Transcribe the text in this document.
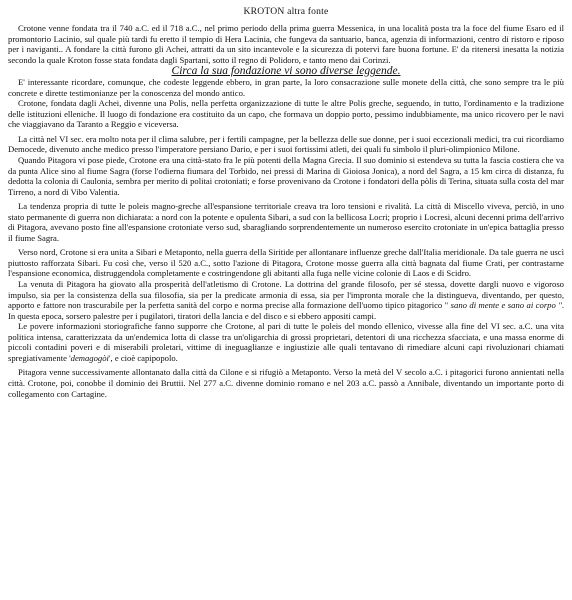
KROTON altra fonte

Crotone venne fondata tra il 740 a.C. ed il 718 a.C., nel primo periodo della prima guerra Messenica, in una località posta tra la foce del fiume Esaro ed il promontorio Lacinio, sul quale più tardi fu eretto il tempio di Hera Lacinia, che fungeva da santuario, banca, agenzia di informazioni, centro di ristoro e riposo per i naviganti.. A fondare la città furono gli Achei, attratti da un sito incantevole e la sicurezza di potervi fare buona fortune. E' da ritenersi inesatta la notizia secondo la quale Kroton fosse stata fondata dagli Spartani, sotto il regno di Polidoro, e tanto meno dai Corinzi.

Circa la sua fondazione vi sono diverse leggende.

E' interessante ricordare, comunque, che codeste leggende ebbero, in gran parte, la loro consacrazione sulle monete della città, che sono sempre tra le più concrete e dirette testimonianze per la conoscenza del mondo antico.

Crotone, fondata dagli Achei, divenne una Polis, nella perfetta organizzazione di tutte le altre Polis greche, seguendo, in tutto, l'ordinamento e la tradizione delle istituzioni elleniche. Il luogo di fondazione era costituito da un capo, che formava un doppio porto, pessimo indubbiamente, ma unico ricovero per le navi che viaggiavano da Taranto a Reggio e viceversa.

La città nel VI sec. era molto nota per il clima salubre, per i fertili campagne, per la bellezza delle sue donne, per i suoi eccezionali medici, tra cui ricordiamo Democede, divenuto anche medico presso l'imperatore persiano Dario, e per i suoi fortissimi atleti, dei quali fu simbolo il pluri-olimpionico Milone.

Quando Pitagora vi pose piede, Crotone era una città-stato fra le più potenti della Magna Grecia. Il suo dominio si estendeva su tutta la fascia costiera che va da punta Alice sino al fiume Sagra (forse l'odierna fiumara del Torbido, nei pressi di Marina di Gioiosa Jonica), a nord del Sagra, a 15 km circa di distanza, fu dedotta la colonia di Caulonia, sembra per merito di politai crotoniati; e forse provenivano da Crotone i fondatori della pòlis di Terina, situata sulla costa del mar Tirreno, a nord di Vibo Valentia.

La tendenza propria di tutte le poleis magno-greche all'espansione territoriale creava tra loro tensioni e rivalità. La città di Miscello viveva, perciò, in uno stato permanente di guerra non dichiarata: a nord con la potente e opulenta Sibari, a sud con la bellicosa Locri; proprio i Locresi, alcuni decenni prima dell'arrivo di Pitagora, avevano posto fine all'espansione crotoniate verso sud, sbaragliando sorprendentemente un numeroso esercito crotoniate in un'epica battaglia presso il fiume Sagra.

Verso nord, Crotone si era unita a Sibari e Metaponto, nella guerra della Siritide per allontanare influenze greche dall'Italia meridionale. Da tale guerra ne uscì piuttosto rafforzata Sibari. Fu così che, verso il 520 a.C., sotto l'azione di Pitagora, Crotone mosse guerra alla città bagnata dal fiume Crati, per contrastarne l'espansione economica, distruggendola completamente e costringendone gli abitanti alla fuga nelle vicine colonie di Laos e di Scidro.

La venuta di Pitagora ha giovato alla prosperità dell'atletismo di Crotone. La dottrina del grande filosofo, per sé stessa, dovette dargli nuovo e vigoroso impulso, sia per la consistenza della sua filosofia, sia per la predicate armonia di essa, sia per l'impronta morale che la distingueva, diventando, per questo, apporto e fattore non trascurabile per la perfetta sanità del corpo e norma precise alla formazione dell'uomo tipico pitagorico " sano di mente e sano ai corpo ". In questa epoca, sorsero palestre per i pugilatori, tiratori della lancia e del disco e si ebbero appositi campi.

Le povere informazioni storiografiche fanno supporre che Crotone, al pari di tutte le poleis del mondo ellenico, vivesse alla fine del VI sec. a.C. una vita politica intensa, caratterizzata da un'endemica lotta di classe tra un'oligarchia di grossi proprietari, detentori di una ricchezza sfacciata, e una massa enorme di piccoli contadini poveri e di miserabili proletari, vittime di ineguaglianze e ingiustizie alle quali tentavano di rimediare alcuni capi rivoluzionari chiamati spregiativamente 'demagogòi', e cioè capipopolo.

Pitagora venne successivamente allontanato dalla città da Cilone e si rifugiò a Metaponto. Verso la metà del V secolo a.C. i pitagorici furono annientati nella città. Crotone, poi, conobbe il dominio dei Bruttii. Nel 277 a.C. divenne dominio romano e nel 203 a.C. passò a Annibale, diventando un importante porto di collegamento con Cartagine.
